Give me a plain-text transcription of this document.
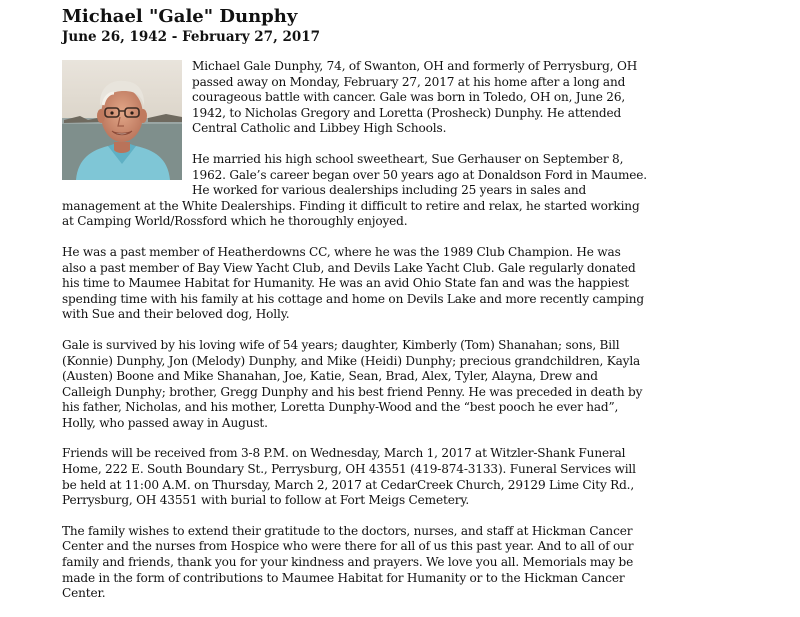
Michael "Gale" Dunphy
June 26, 1942 - February 27, 2017

Michael Gale Dunphy, 74, of Swanton, OH and formerly of Perrysburg, OH passed away on Monday, February 27, 2017 at his home after a long and courageous battle with cancer. Gale was born in Toledo, OH on, June 26, 1942, to Nicholas Gregory and Loretta (Prosheck) Dunphy. He attended Central Catholic and Libbey High Schools.

He married his high school sweetheart, Sue Gerhauser on September 8, 1962. Gale’s career began over 50 years ago at Donaldson Ford in Maumee. He worked for various dealerships including 25 years in sales and management at the White Dealerships. Finding it difficult to retire and relax, he started working at Camping World/Rossford which he thoroughly enjoyed.

He was a past member of Heatherdowns CC, where he was the 1989 Club Champion. He was also a past member of Bay View Yacht Club, and Devils Lake Yacht Club. Gale regularly donated his time to Maumee Habitat for Humanity. He was an avid Ohio State fan and was the happiest spending time with his family at his cottage and home on Devils Lake and more recently camping with Sue and their beloved dog, Holly.

Gale is survived by his loving wife of 54 years; daughter, Kimberly (Tom) Shanahan; sons, Bill (Konnie) Dunphy, Jon (Melody) Dunphy, and Mike (Heidi) Dunphy; precious grandchildren, Kayla (Austen) Boone and Mike Shanahan, Joe, Katie, Sean, Brad, Alex, Tyler, Alayna, Drew and Calleigh Dunphy; brother, Gregg Dunphy and his best friend Penny. He was preceded in death by his father, Nicholas, and his mother, Loretta Dunphy-Wood and the “best pooch he ever had”, Holly, who passed away in August.

Friends will be received from 3-8 P.M. on Wednesday, March 1, 2017 at Witzler-Shank Funeral Home, 222 E. South Boundary St., Perrysburg, OH 43551 (419-874-3133). Funeral Services will be held at 11:00 A.M. on Thursday, March 2, 2017 at CedarCreek Church, 29129 Lime City Rd., Perrysburg, OH 43551 with burial to follow at Fort Meigs Cemetery.

The family wishes to extend their gratitude to the doctors, nurses, and staff at Hickman Cancer Center and the nurses from Hospice who were there for all of us this past year. And to all of our family and friends, thank you for your kindness and prayers. We love you all. Memorials may be made in the form of contributions to Maumee Habitat for Humanity or to the Hickman Cancer Center.
